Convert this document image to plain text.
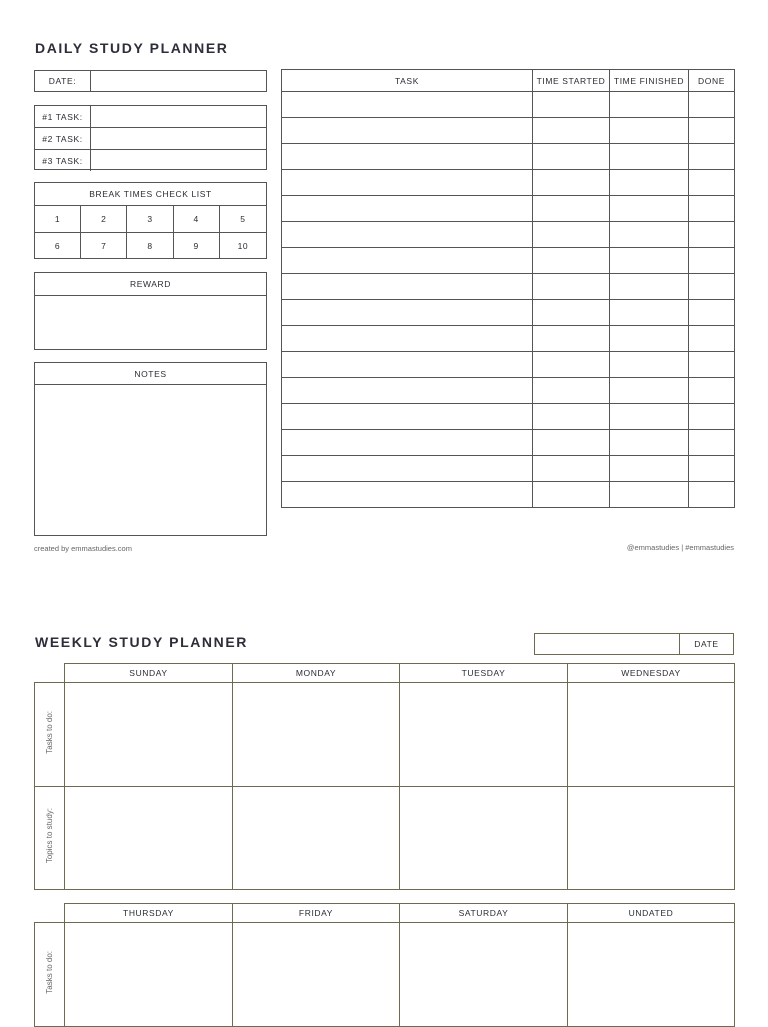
DAILY STUDY PLANNER
DATE:
#1 TASK:
#2 TASK:
#3 TASK:
BREAK TIMES CHECK LIST
1	2	3	4	5
6	7	8	9	10
REWARD
NOTES
TASK	TIME STARTED	TIME FINISHED	DONE

created by emmastudies.com	@emmastudies | #emmastudies
WEEKLY STUDY PLANNER	DATE
	SUNDAY	MONDAY	TUESDAY	WEDNESDAY
Tasks to do:				
Topics to study:				
	THURSDAY	FRIDAY	SATURDAY	UNDATED
Tasks to do:				
